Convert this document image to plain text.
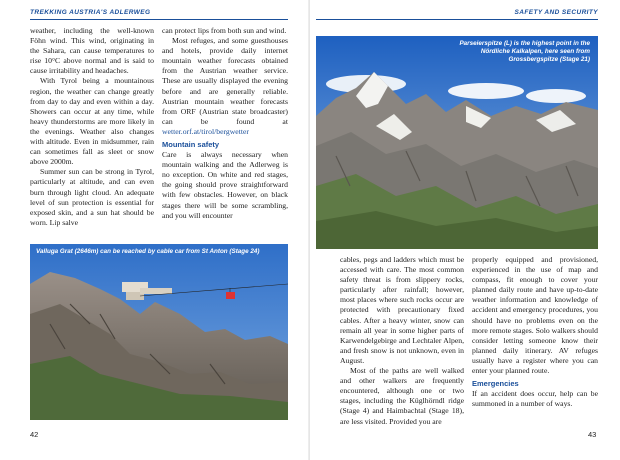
TREKKING AUSTRIA'S ADLERWEG

weather, including the well-known Föhn wind. This wind, originating in the Sahara, can cause temperatures to rise 10°C above normal and is said to cause irritability and headaches.

With Tyrol being a mountainous region, the weather can change greatly from day to day and even within a day. Showers can occur at any time, while heavy thunderstorms are more likely in the evenings. Weather also changes with altitude. Even in midsummer, rain can sometimes fall as sleet or snow above 2000m.

Summer sun can be strong in Tyrol, particularly at altitude, and can even burn through light cloud. An adequate level of sun protection is essential for exposed skin, and a sun hat should be worn. Lip salve

can protect lips from both sun and wind.

Most refuges, and some guesthouses and hotels, provide daily internet mountain weather forecasts obtained from the Austrian weather service. These are usually displayed the evening before and are generally reliable. Austrian mountain weather forecasts from ORF (Austrian state broadcaster) can be found at wetter.orf.at/tirol/bergwetter

Mountain safety

Care is always necessary when mountain walking and the Adlerweg is no exception. On white and red stages, the going should prove straightforward with few obstacles. However, on black stages there will be some scrambling, and you will encounter

Valluga Grat (2646m) can be reached by cable car from St Anton (Stage 24)
42
SAFETY AND SECURITY
Parseierspitze (L) is the highest point in the Nördliche Kalkalpen, here seen from Grossbergspitze (Stage 21)

cables, pegs and ladders which must be accessed with care. The most common safety threat is from slippery rocks, particularly after rainfall; however, most places where such rocks occur are protected with precautionary fixed cables. After a heavy winter, snow can remain all year in some higher parts of Karwendelgebirge and Lechtaler Alpen, and fresh snow is not unknown, even in August.

Most of the paths are well walked and other walkers are frequently encountered, although one or two stages, including the Küglhörndl ridge (Stage 4) and Haimbachtal (Stage 18), are less visited. Provided you are

properly equipped and provisioned, experienced in the use of map and compass, fit enough to cover your planned daily route and have up-to-date weather information and knowledge of accident and emergency procedures, you should have no problems even on the more remote stages. Solo walkers should consider letting someone know their planned daily itinerary. AV refuges usually have a register where you can enter your planned route.

Emergencies

If an accident does occur, help can be summoned in a number of ways.

43
